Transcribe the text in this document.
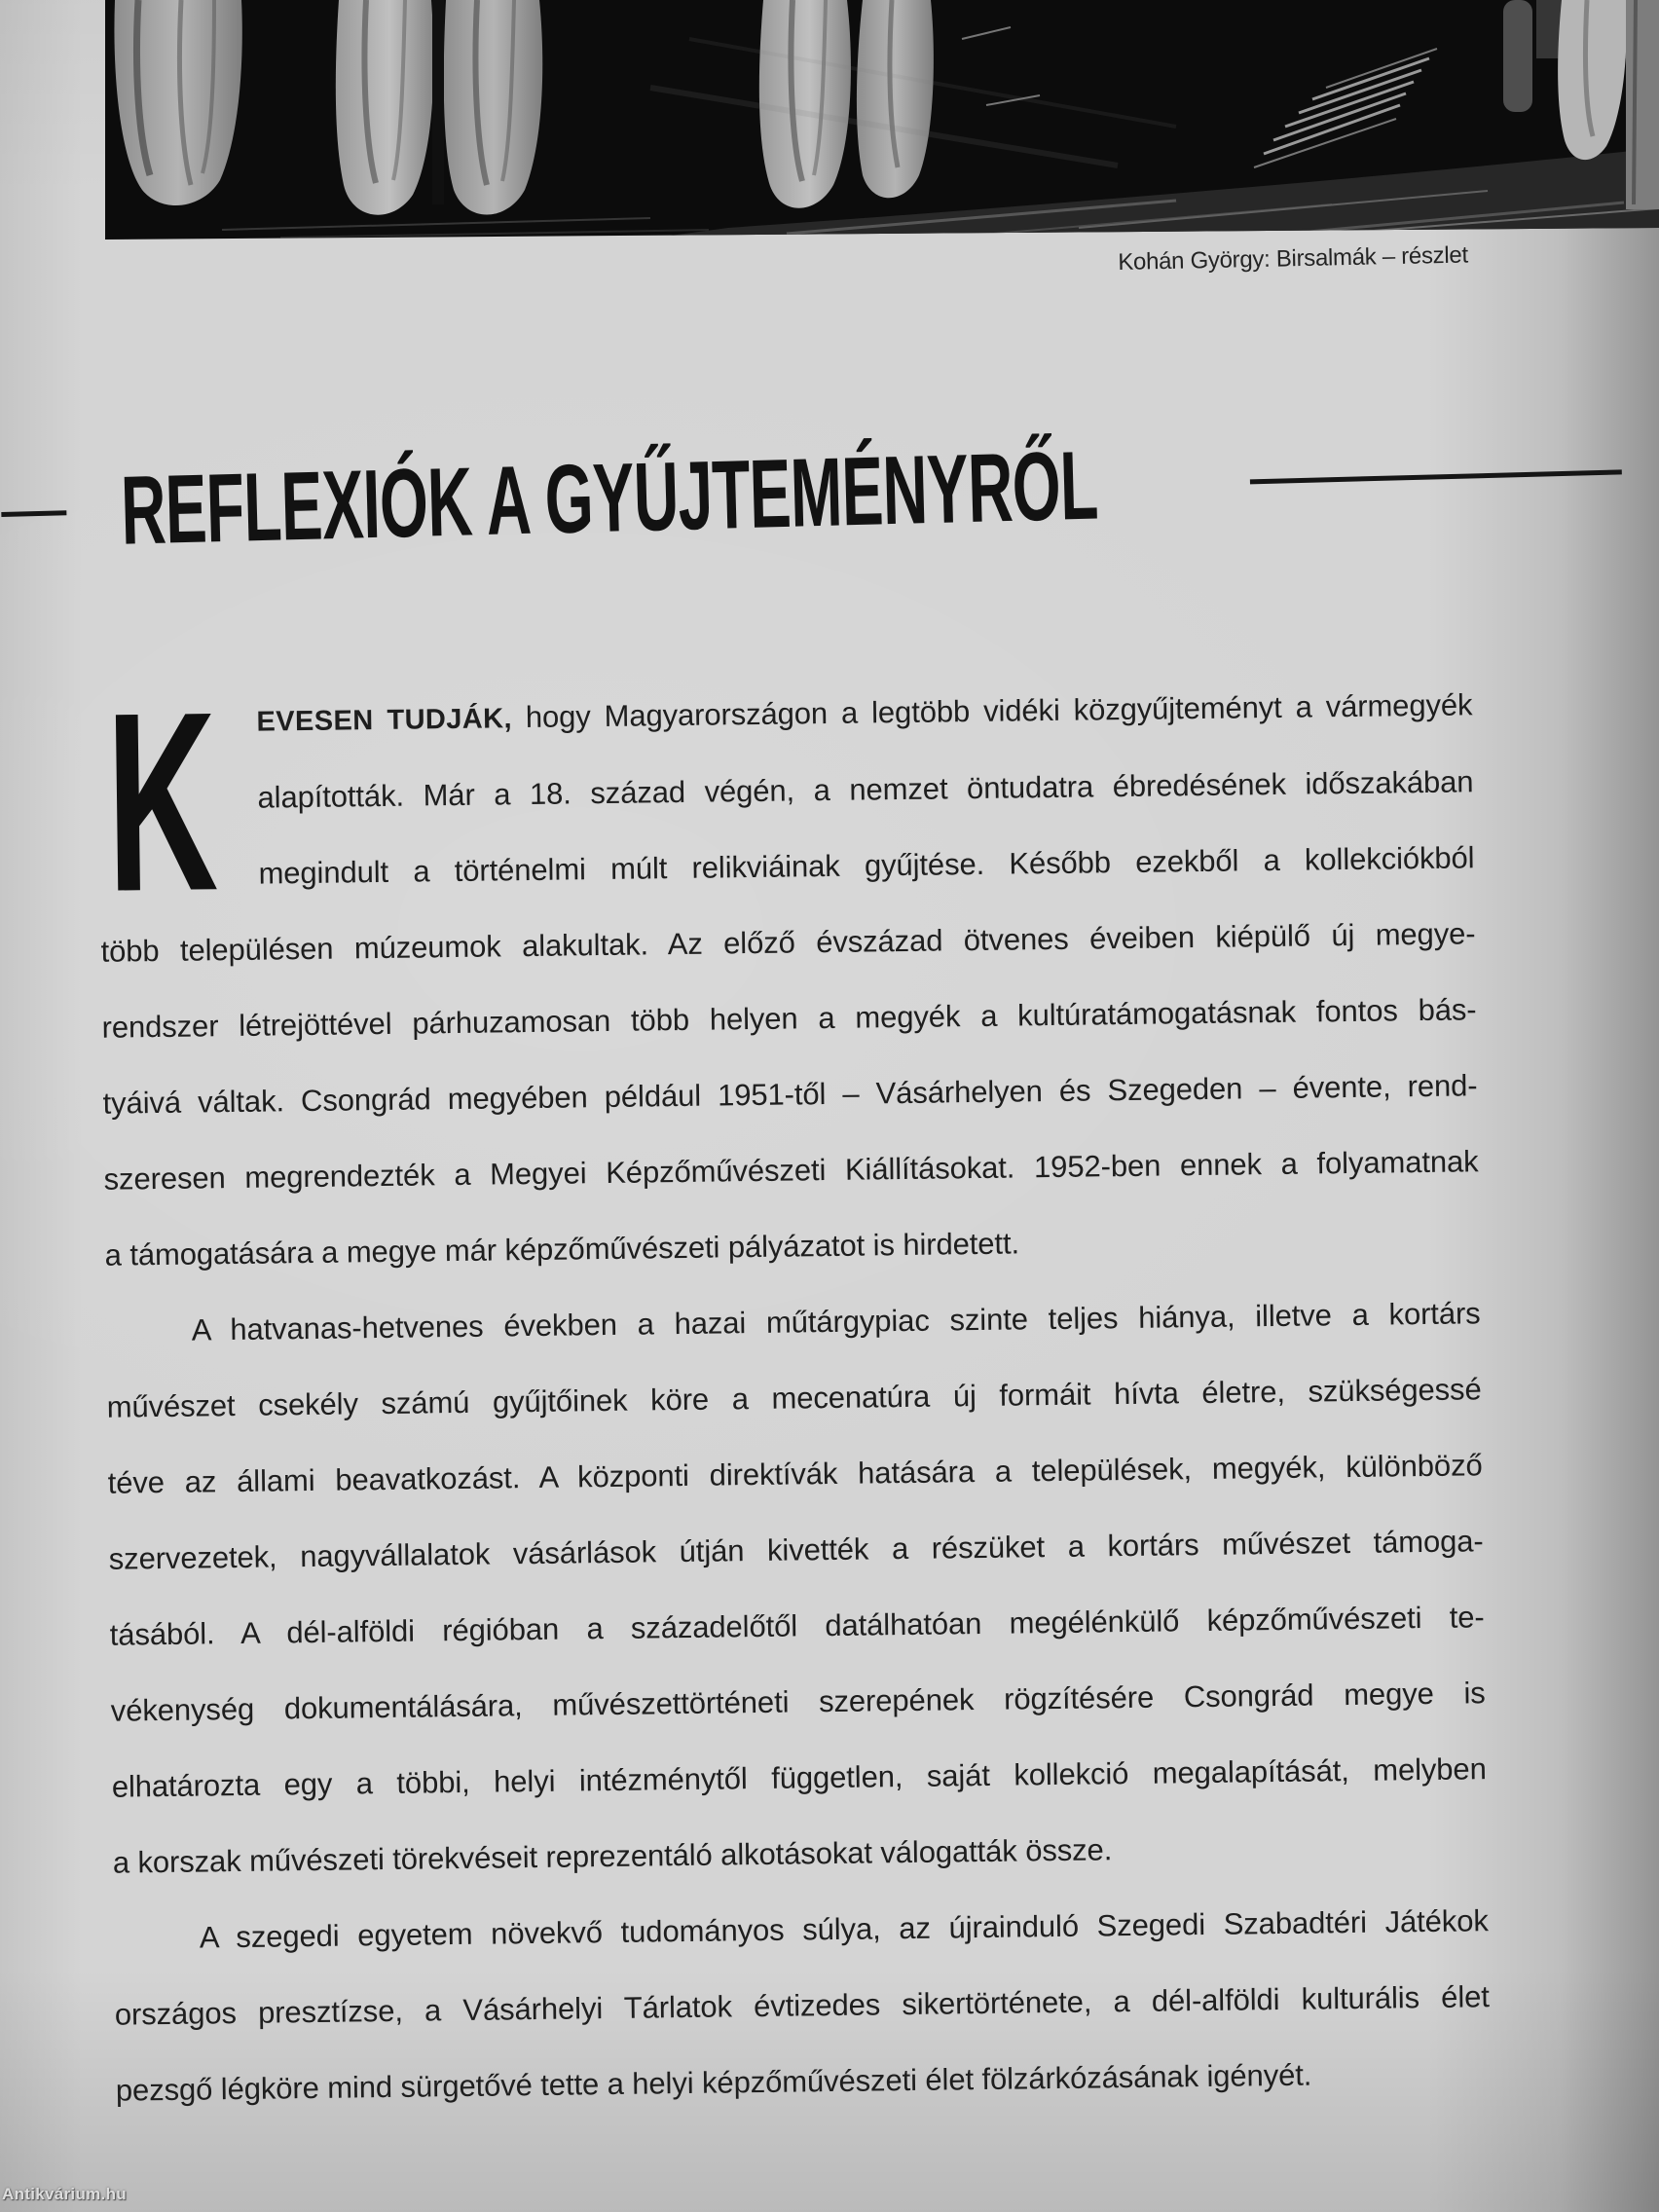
Kohán György: Birsalmák – részlet
REFLEXIÓK A GYŰJTEMÉNYRŐL
K EVESEN TUDJÁK, hogy Magyarországon a legtöbb vidéki közgyűjteményt a vármegyék
alapították. Már a 18. század végén, a nemzet öntudatra ébredésének időszakában
megindult a történelmi múlt relikviáinak gyűjtése. Később ezekből a kollekciókból
több településen múzeumok alakultak. Az előző évszázad ötvenes éveiben kiépülő új megye-
rendszer létrejöttével párhuzamosan több helyen a megyék a kultúratámogatásnak fontos bás-
tyáivá váltak. Csongrád megyében például 1951-től – Vásárhelyen és Szegeden – évente, rend-
szeresen megrendezték a Megyei Képzőművészeti Kiállításokat. 1952-ben ennek a folyamatnak
a támogatására a megye már képzőművészeti pályázatot is hirdetett.
A hatvanas-hetvenes években a hazai műtárgypiac szinte teljes hiánya, illetve a kortárs
művészet csekély számú gyűjtőinek köre a mecenatúra új formáit hívta életre, szükségessé
téve az állami beavatkozást. A központi direktívák hatására a települések, megyék, különböző
szervezetek, nagyvállalatok vásárlások útján kivették a részüket a kortárs művészet támoga-
tásából. A dél-alföldi régióban a századelőtől datálhatóan megélénkülő képzőművészeti te-
vékenység dokumentálására, művészettörténeti szerepének rögzítésére Csongrád megye is
elhatározta egy a többi, helyi intézménytől független, saját kollekció megalapítását, melyben
a korszak művészeti törekvéseit reprezentáló alkotásokat válogatták össze.
A szegedi egyetem növekvő tudományos súlya, az újrainduló Szegedi Szabadtéri Játékok
országos presztízse, a Vásárhelyi Tárlatok évtizedes sikertörténete, a dél-alföldi kulturális élet
pezsgő légköre mind sürgetővé tette a helyi képzőművészeti élet fölzárkózásának igényét.
Antikvárium.hu
